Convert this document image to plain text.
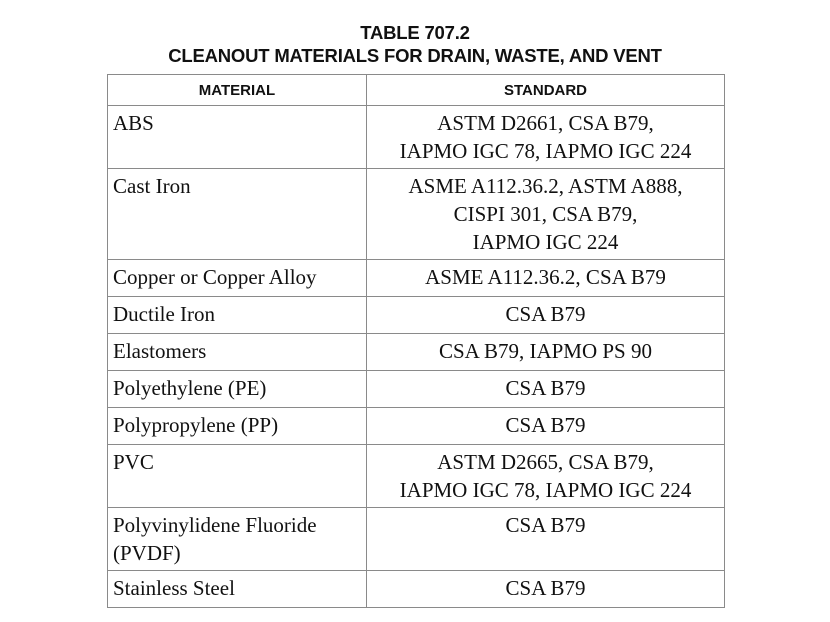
TABLE 707.2
CLEANOUT MATERIALS FOR DRAIN, WASTE, AND VENT
MATERIAL	STANDARD

ABS	ASTM D2661, CSA B79,
IAPMO IGC 78, IAPMO IGC 224

Cast Iron	ASME A112.36.2, ASTM A888,
CISPI 301, CSA B79,
IAPMO IGC 224

Copper or Copper Alloy	ASME A112.36.2, CSA B79

Ductile Iron	CSA B79

Elastomers	CSA B79, IAPMO PS 90

Polyethylene (PE)	CSA B79

Polypropylene (PP)	CSA B79

PVC	ASTM D2665, CSA B79,
IAPMO IGC 78, IAPMO IGC 224

Polyvinylidene Fluoride
(PVDF)	CSA B79

Stainless Steel	CSA B79
